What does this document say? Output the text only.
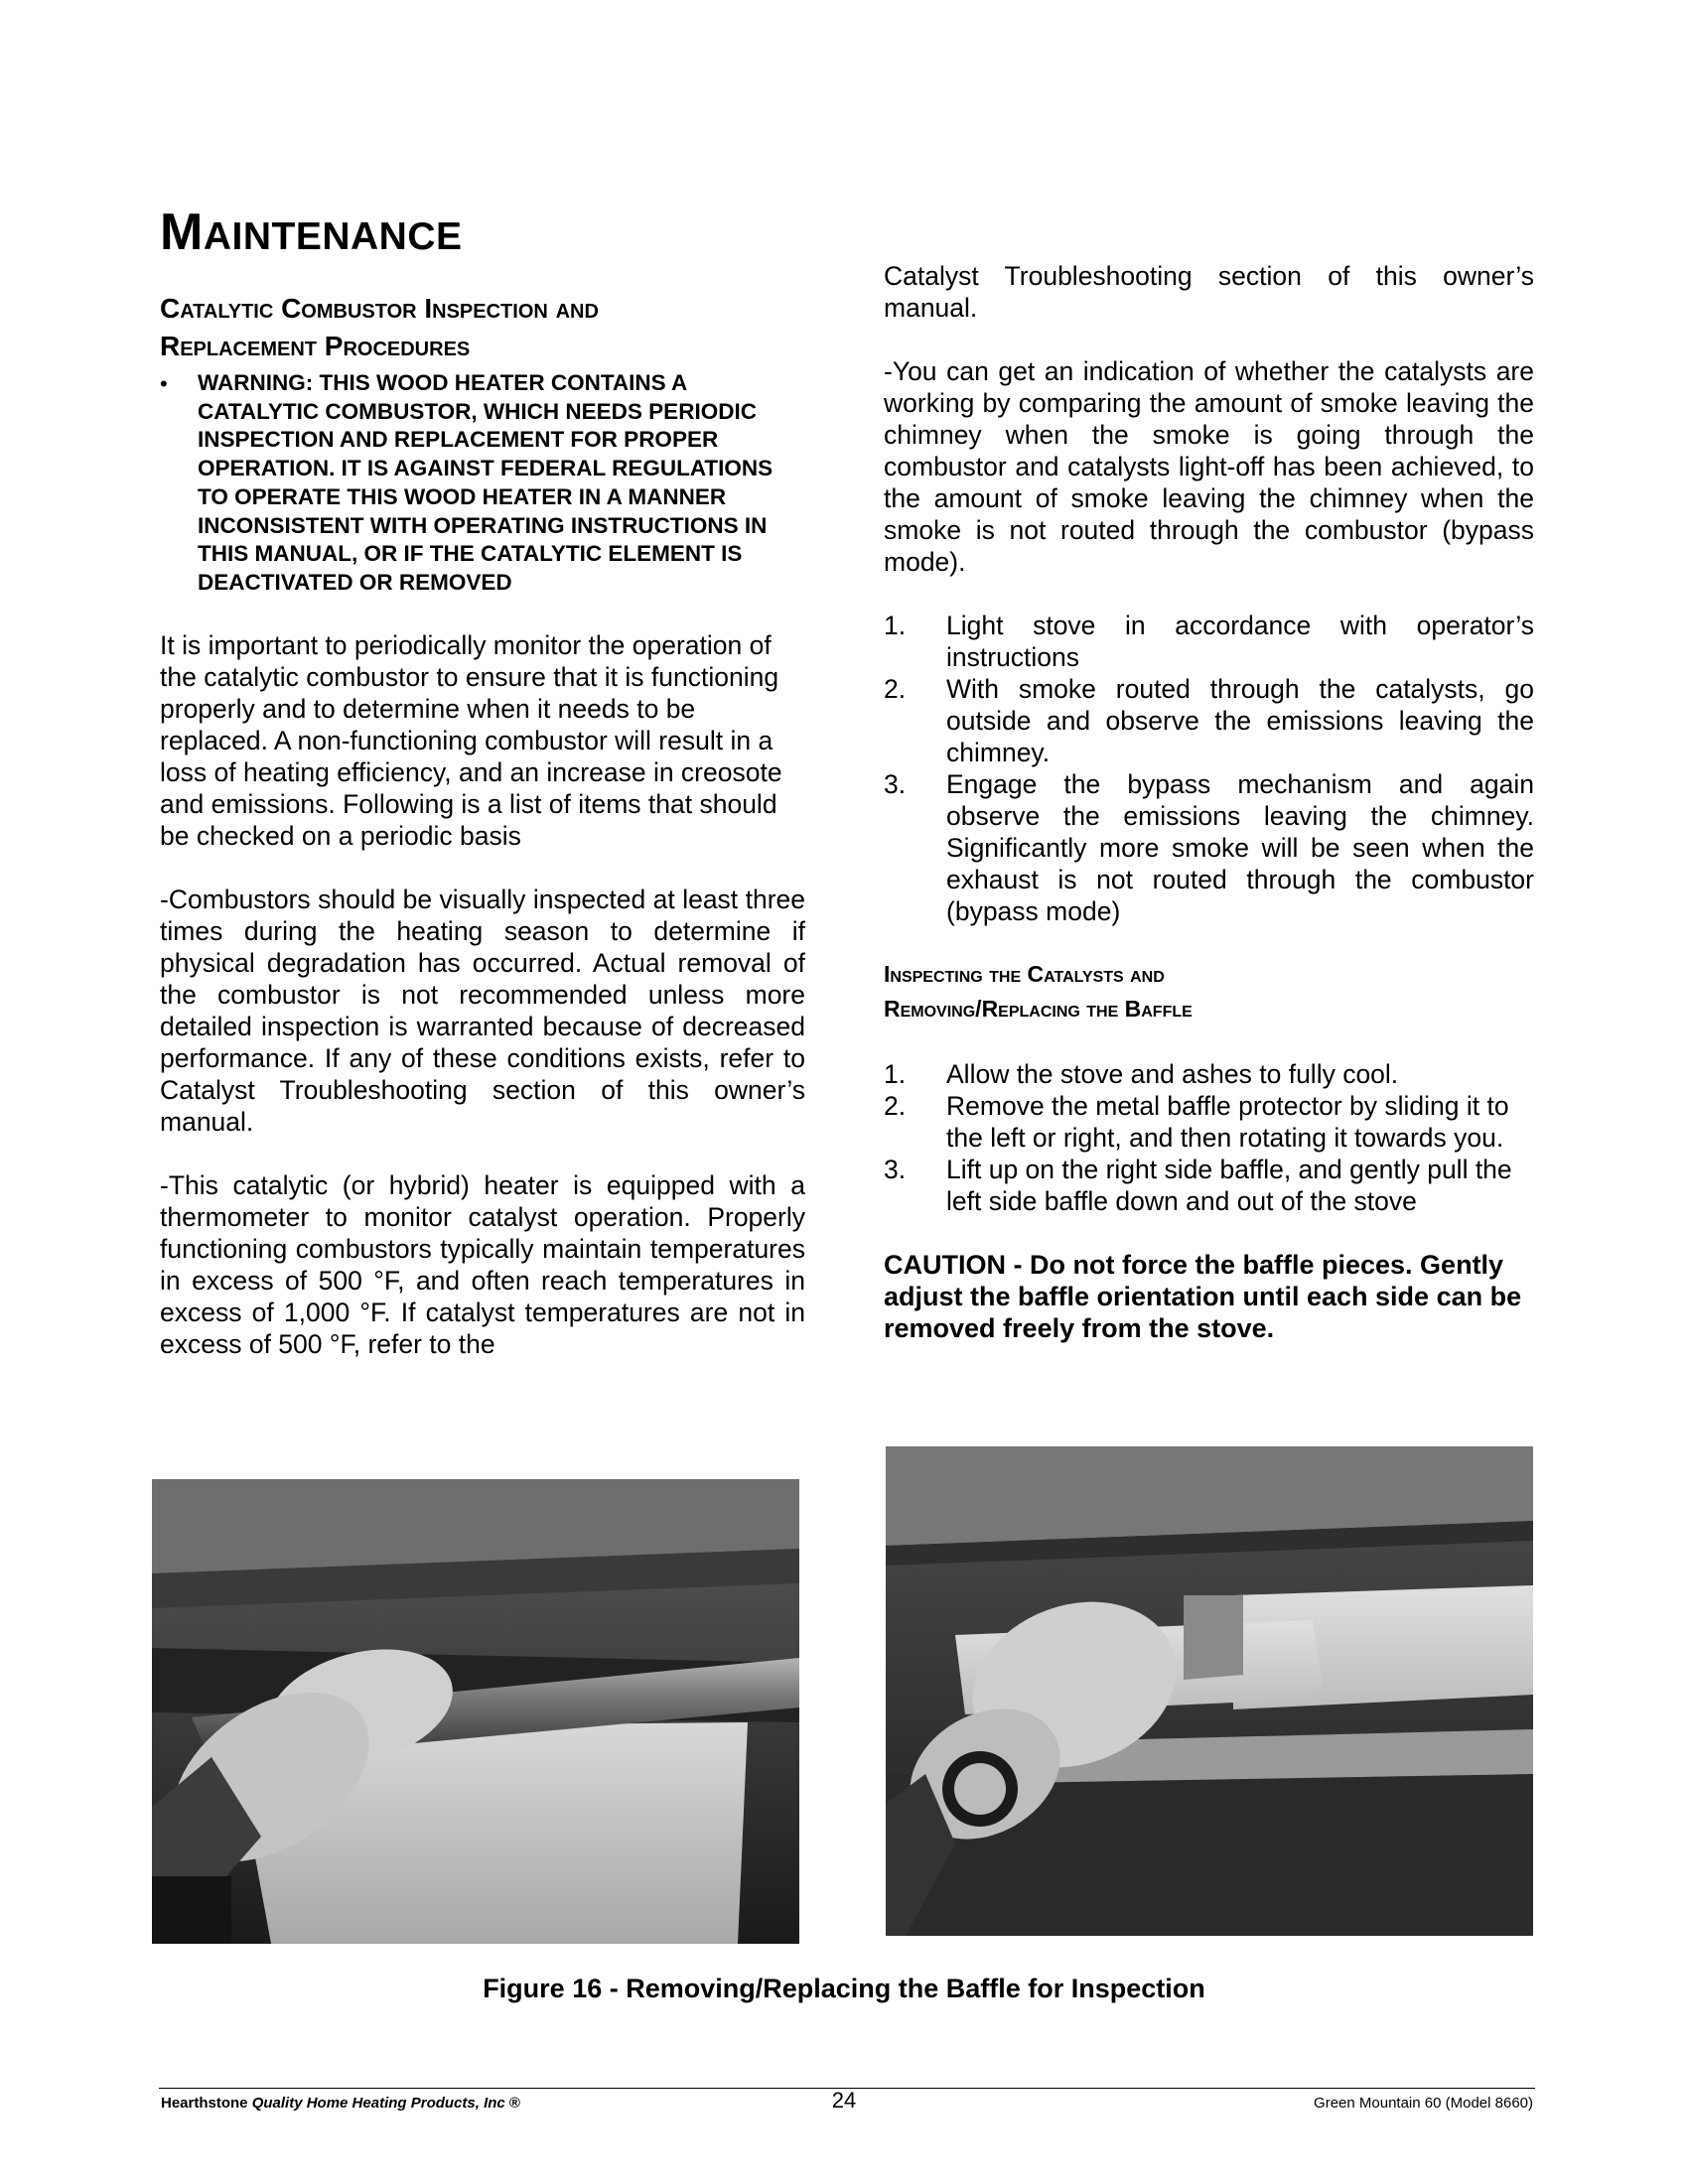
MAINTENANCE
Catalytic Combustor Inspection and
Replacement Procedures
•	WARNING: THIS WOOD HEATER CONTAINS A CATALYTIC COMBUSTOR, WHICH NEEDS PERIODIC INSPECTION AND REPLACEMENT FOR PROPER OPERATION. IT IS AGAINST FEDERAL REGULATIONS TO OPERATE THIS WOOD HEATER IN A MANNER INCONSISTENT WITH OPERATING INSTRUCTIONS IN THIS MANUAL, OR IF THE CATALYTIC ELEMENT IS DEACTIVATED OR REMOVED

It is important to periodically monitor the operation of the catalytic combustor to ensure that it is functioning properly and to determine when it needs to be replaced. A non-functioning combustor will result in a loss of heating efficiency, and an increase in creosote and emissions. Following is a list of items that should be checked on a periodic basis

-Combustors should be visually inspected at least three times during the heating season to determine if physical degradation has occurred. Actual removal of the combustor is not recommended unless more detailed inspection is warranted because of decreased performance. If any of these conditions exists, refer to Catalyst Troubleshooting section of this owner’s manual.

-This catalytic (or hybrid) heater is equipped with a thermometer to monitor catalyst operation. Properly functioning combustors typically maintain temperatures in excess of 500 °F, and often reach temperatures in excess of 1,000 °F. If catalyst temperatures are not in excess of 500 °F, refer to the

Catalyst Troubleshooting section of this owner’s manual.

-You can get an indication of whether the catalysts are working by comparing the amount of smoke leaving the chimney when the smoke is going through the combustor and catalysts light-off has been achieved, to the amount of smoke leaving the chimney when the smoke is not routed through the combustor (bypass mode).

1.	Light stove in accordance with operator’s instructions
2.	With smoke routed through the catalysts, go outside and observe the emissions leaving the chimney.
3.	Engage the bypass mechanism and again observe the emissions leaving the chimney. Significantly more smoke will be seen when the exhaust is not routed through the combustor (bypass mode)
Inspecting the Catalysts and
Removing/Replacing the Baffle
1.	Allow the stove and ashes to fully cool.
2.	Remove the metal baffle protector by sliding it to the left or right, and then rotating it towards you.
3.	Lift up on the right side baffle, and gently pull the left side baffle down and out of the stove
CAUTION - Do not force the baffle pieces. Gently adjust the baffle orientation until each side can be removed freely from the stove.
Figure 16 - Removing/Replacing the Baffle for Inspection
Hearthstone Quality Home Heating Products, Inc ®	24	Green Mountain 60 (Model 8660)
